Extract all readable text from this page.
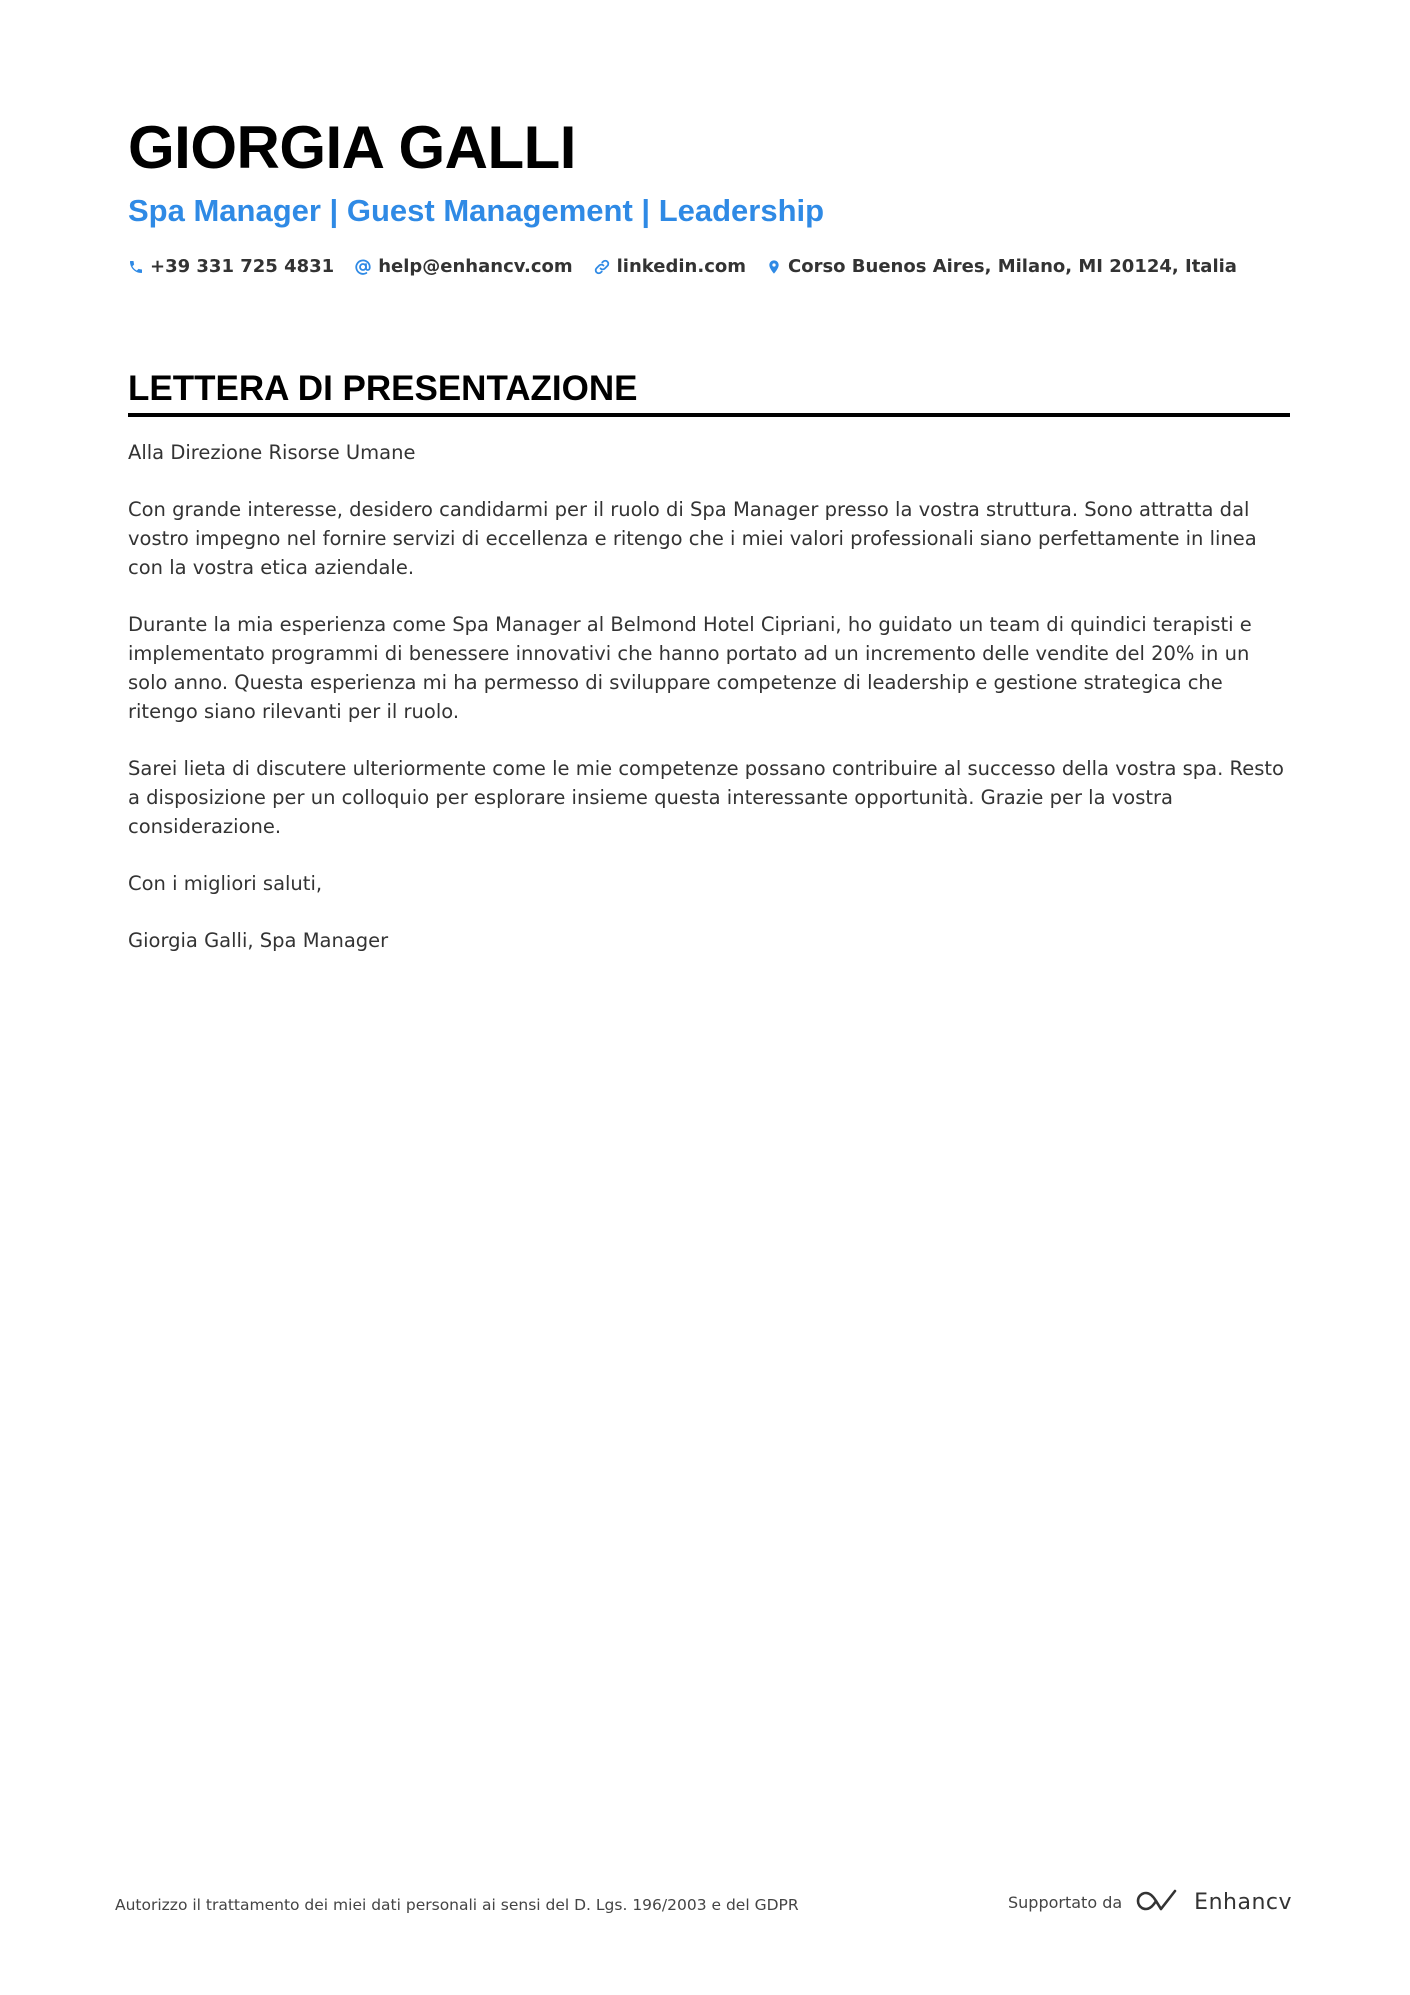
GIORGIA GALLI
Spa Manager | Guest Management | Leadership
+39 331 725 4831 help@enhancv.com linkedin.com Corso Buenos Aires, Milano, MI 20124, Italia
LETTERA DI PRESENTAZIONE

Alla Direzione Risorse Umane

Con grande interesse, desidero candidarmi per il ruolo di Spa Manager presso la vostra struttura. Sono attratta dal vostro impegno nel fornire servizi di eccellenza e ritengo che i miei valori professionali siano perfettamente in linea con la vostra etica aziendale.

Durante la mia esperienza come Spa Manager al Belmond Hotel Cipriani, ho guidato un team di quindici terapisti e implementato programmi di benessere innovativi che hanno portato ad un incremento delle vendite del 20% in un solo anno. Questa esperienza mi ha permesso di sviluppare competenze di leadership e gestione strategica che ritengo siano rilevanti per il ruolo.

Sarei lieta di discutere ulteriormente come le mie competenze possano contribuire al successo della vostra spa. Resto a disposizione per un colloquio per esplorare insieme questa interessante opportunità. Grazie per la vostra considerazione.

Con i migliori saluti,

Giorgia Galli, Spa Manager

Autorizzo il trattamento dei miei dati personali ai sensi del D. Lgs. 196/2003 e del GDPR	Supportato da	Enhancv
